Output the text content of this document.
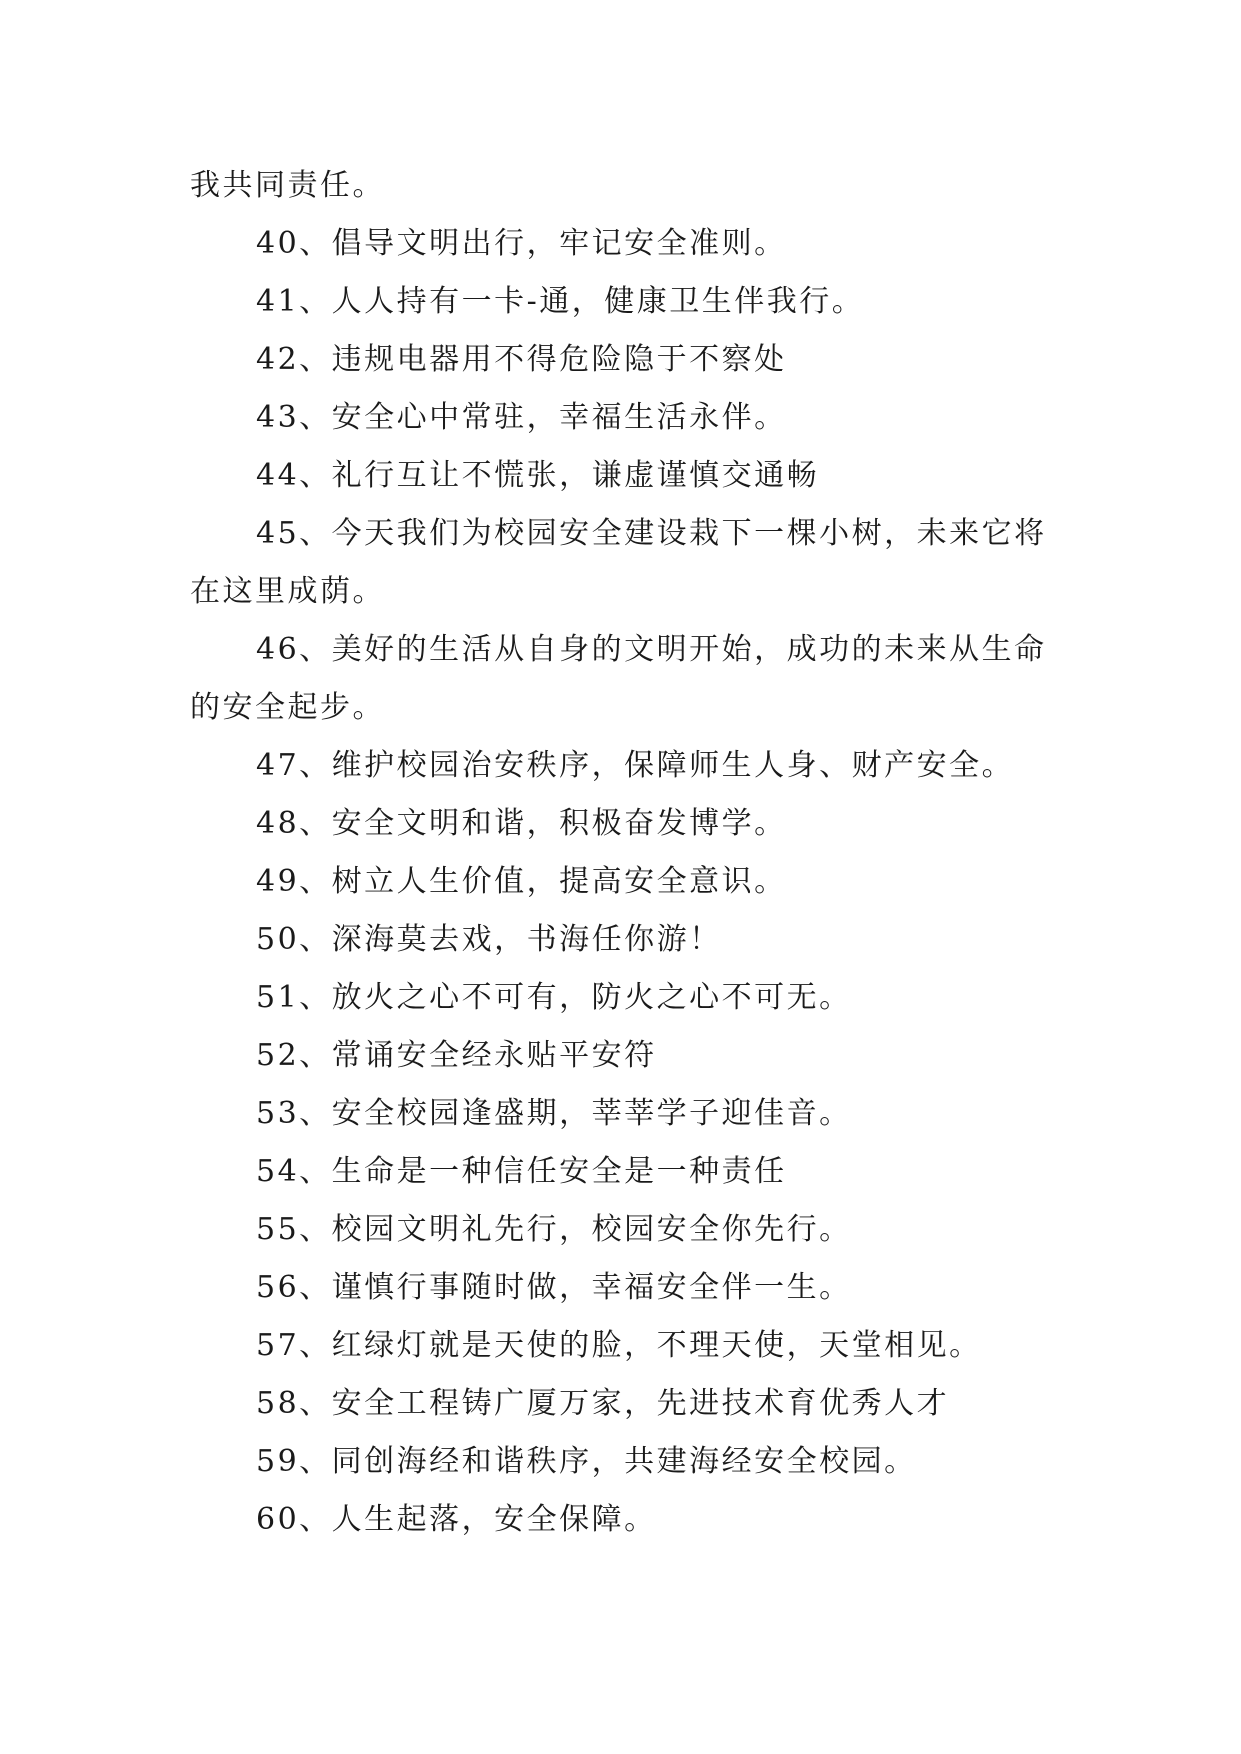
我共同责任。

40、倡导文明出行，牢记安全准则。

41、人人持有一卡-通，健康卫生伴我行。

42、违规电器用不得危险隐于不察处

43、安全心中常驻，幸福生活永伴。

44、礼行互让不慌张，谦虚谨慎交通畅

45、今天我们为校园安全建设栽下一棵小树，未来它将在这里成荫。

46、美好的生活从自身的文明开始，成功的未来从生命的安全起步。

47、维护校园治安秩序，保障师生人身、财产安全。

48、安全文明和谐，积极奋发博学。

49、树立人生价值，提高安全意识。

50、深海莫去戏，书海任你游！

51、放火之心不可有，防火之心不可无。

52、常诵安全经永贴平安符

53、安全校园逢盛期，莘莘学子迎佳音。

54、生命是一种信任安全是一种责任

55、校园文明礼先行，校园安全你先行。

56、谨慎行事随时做，幸福安全伴一生。

57、红绿灯就是天使的脸，不理天使，天堂相见。

58、安全工程铸广厦万家，先进技术育优秀人才

59、同创海经和谐秩序，共建海经安全校园。

60、人生起落，安全保障。
